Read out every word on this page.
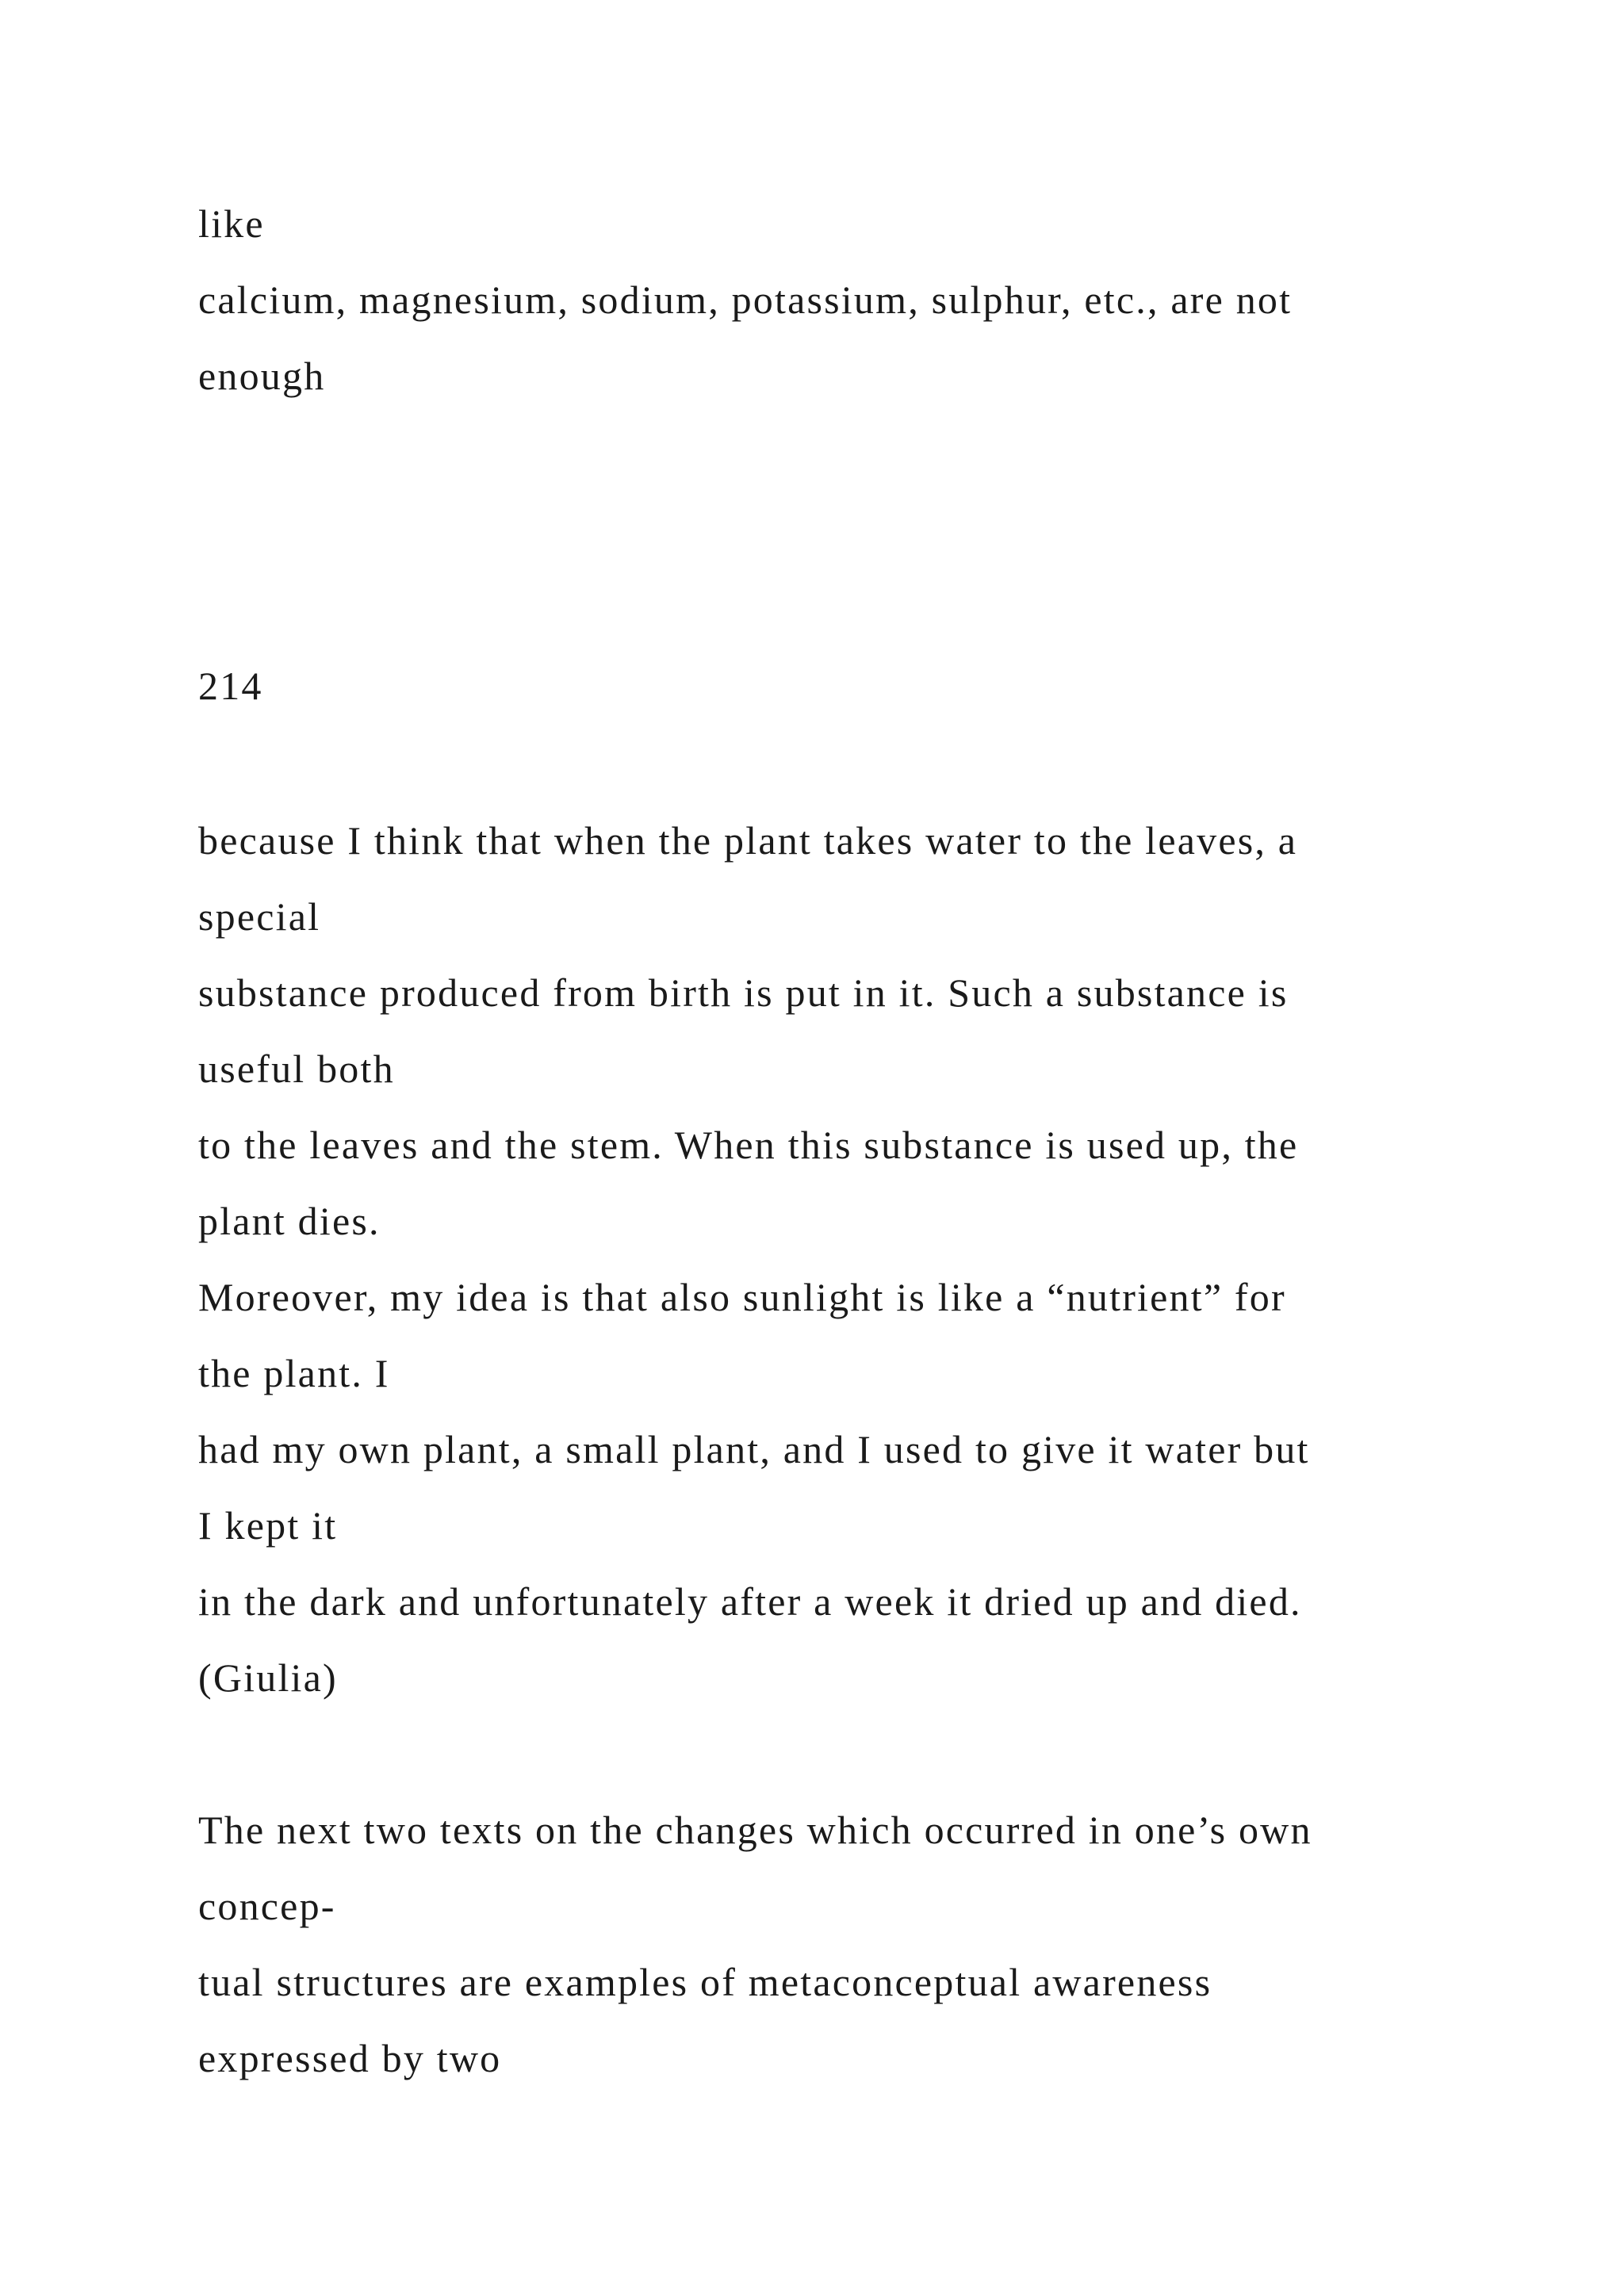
like

calcium, magnesium, sodium, potassium, sulphur, etc., are not

enough

214

because I think that when the plant takes water to the leaves, a

special

substance produced from birth is put in it. Such a substance is

useful both

to the leaves and the stem. When this substance is used up, the

plant dies.

Moreover, my idea is that also sunlight is like a “nutrient” for

the plant. I

had my own plant, a small plant, and I used to give it water but

I kept it

in the dark and unfortunately after a week it dried up and died.

(Giulia)

The next two texts on the changes which occurred in one’s own

concep-

tual structures are examples of metaconceptual awareness

expressed by two
